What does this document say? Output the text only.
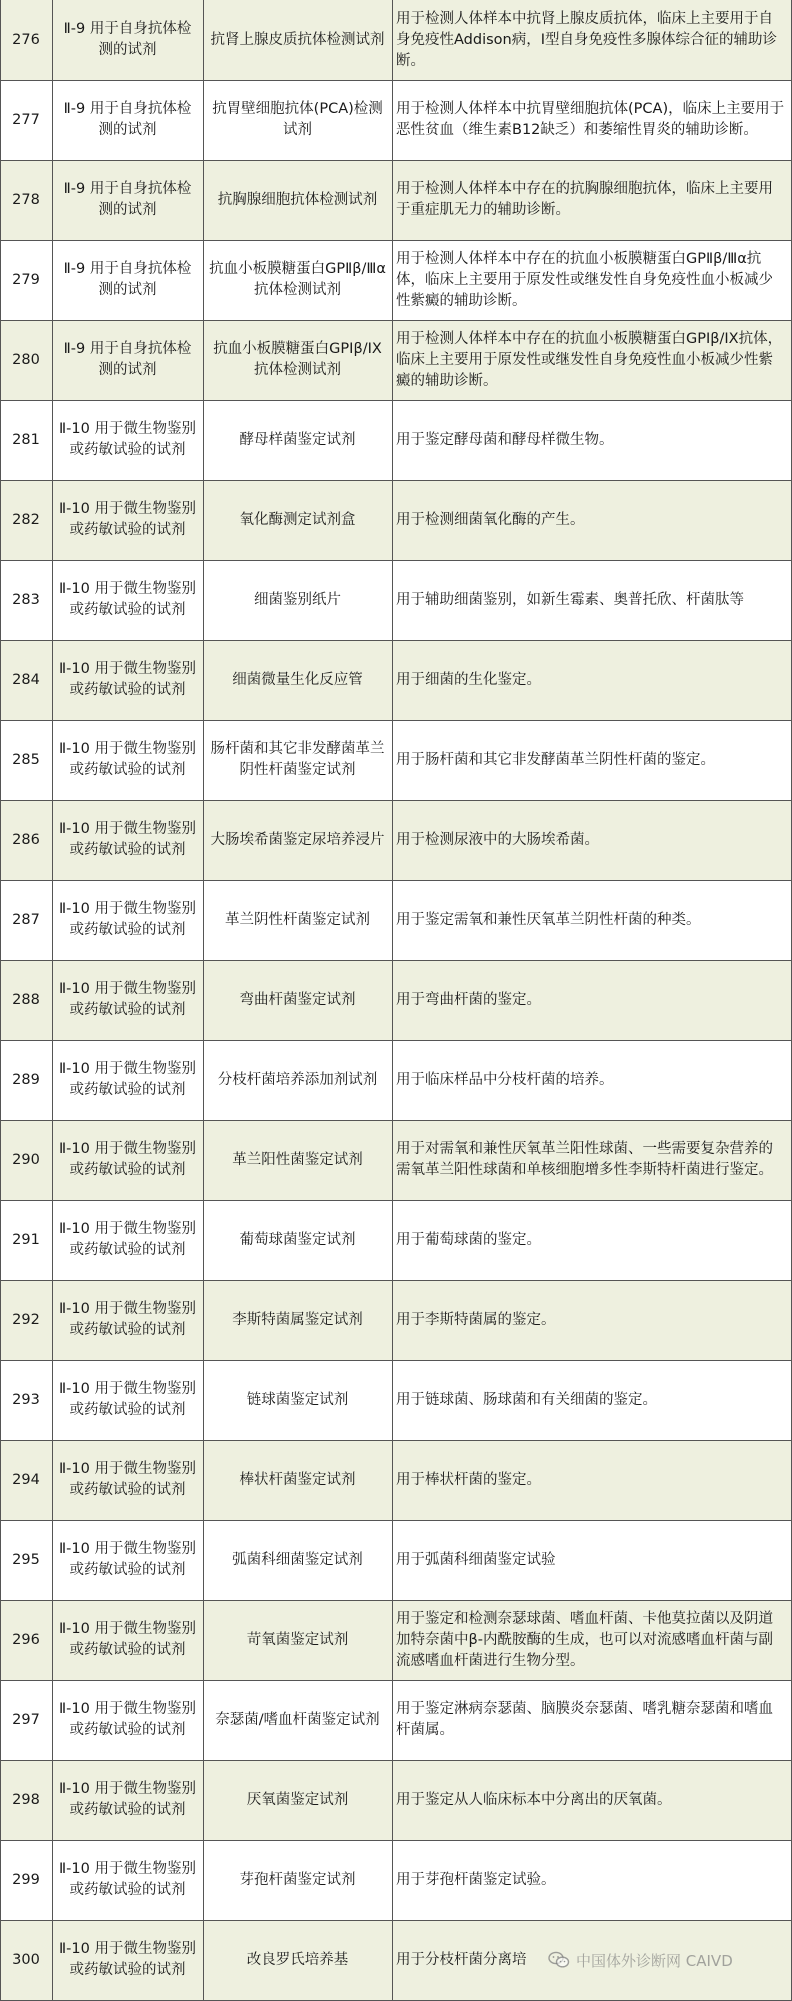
276
Ⅱ-9 用于自身抗体检测的试剂
抗肾上腺皮质抗体检测试剂
用于检测人体样本中抗肾上腺皮质抗体，临床上主要用于自身免疫性Addison病，Ⅰ型自身免疫性多腺体综合征的辅助诊断。
277
Ⅱ-9 用于自身抗体检测的试剂
抗胃壁细胞抗体(PCA)检测试剂
用于检测人体样本中抗胃壁细胞抗体(PCA)，临床上主要用于恶性贫血（维生素B12缺乏）和萎缩性胃炎的辅助诊断。
278
Ⅱ-9 用于自身抗体检测的试剂
抗胸腺细胞抗体检测试剂
用于检测人体样本中存在的抗胸腺细胞抗体，临床上主要用于重症肌无力的辅助诊断。
279
Ⅱ-9 用于自身抗体检测的试剂
抗血小板膜糖蛋白GPⅡβ/Ⅲα抗体检测试剂
用于检测人体样本中存在的抗血小板膜糖蛋白GPⅡβ/Ⅲα抗体，临床上主要用于原发性或继发性自身免疫性血小板减少性紫癜的辅助诊断。
280
Ⅱ-9 用于自身抗体检测的试剂
抗血小板膜糖蛋白GPIβ/IX抗体检测试剂
用于检测人体样本中存在的抗血小板膜糖蛋白GPIβ/IX抗体，临床上主要用于原发性或继发性自身免疫性血小板减少性紫癜的辅助诊断。
281
Ⅱ-10 用于微生物鉴别或药敏试验的试剂
酵母样菌鉴定试剂	用于鉴定酵母菌和酵母样微生物。
282
Ⅱ-10 用于微生物鉴别或药敏试验的试剂
氧化酶测定试剂盒	用于检测细菌氧化酶的产生。
283
Ⅱ-10 用于微生物鉴别或药敏试验的试剂
细菌鉴别纸片	用于辅助细菌鉴别，如新生霉素、奥普托欣、杆菌肽等
284
Ⅱ-10 用于微生物鉴别或药敏试验的试剂
细菌微量生化反应管 用于细菌的生化鉴定。
285
Ⅱ-10 用于微生物鉴别或药敏试验的试剂
肠杆菌和其它非发酵菌革兰阴性杆菌鉴定试剂
用于肠杆菌和其它非发酵菌革兰阴性杆菌的鉴定。
286
Ⅱ-10 用于微生物鉴别或药敏试验的试剂
大肠埃希菌鉴定尿培养浸片 用于检测尿液中的大肠埃希菌。
287
Ⅱ-10 用于微生物鉴别或药敏试验的试剂
革兰阴性杆菌鉴定试剂 用于鉴定需氧和兼性厌氧革兰阴性杆菌的种类。
288
Ⅱ-10 用于微生物鉴别或药敏试验的试剂
弯曲杆菌鉴定试剂	用于弯曲杆菌的鉴定。
289
Ⅱ-10 用于微生物鉴别或药敏试验的试剂
分枝杆菌培养添加剂试剂 用于临床样品中分枝杆菌的培养。
290
Ⅱ-10 用于微生物鉴别或药敏试验的试剂
革兰阳性菌鉴定试剂
用于对需氧和兼性厌氧革兰阳性球菌、一些需要复杂营养的需氧革兰阳性球菌和单核细胞增多性李斯特杆菌进行鉴定。
291
Ⅱ-10 用于微生物鉴别或药敏试验的试剂
葡萄球菌鉴定试剂	用于葡萄球菌的鉴定。
292
Ⅱ-10 用于微生物鉴别或药敏试验的试剂
李斯特菌属鉴定试剂 用于李斯特菌属的鉴定。
293
Ⅱ-10 用于微生物鉴别或药敏试验的试剂
链球菌鉴定试剂	用于链球菌、肠球菌和有关细菌的鉴定。
294
Ⅱ-10 用于微生物鉴别或药敏试验的试剂
棒状杆菌鉴定试剂	用于棒状杆菌的鉴定。
295
Ⅱ-10 用于微生物鉴别或药敏试验的试剂
弧菌科细菌鉴定试剂 用于弧菌科细菌鉴定试验
296
Ⅱ-10 用于微生物鉴别或药敏试验的试剂
苛氧菌鉴定试剂
用于鉴定和检测奈瑟球菌、嗜血杆菌、卡他莫拉菌以及阴道加特奈菌中β-内酰胺酶的生成，也可以对流感嗜血杆菌与副流感嗜血杆菌进行生物分型。
297
Ⅱ-10 用于微生物鉴别或药敏试验的试剂
奈瑟菌/嗜血杆菌鉴定试剂
用于鉴定淋病奈瑟菌、脑膜炎奈瑟菌、嗜乳糖奈瑟菌和嗜血杆菌属。
298
Ⅱ-10 用于微生物鉴别或药敏试验的试剂
厌氧菌鉴定试剂	用于鉴定从人临床标本中分离出的厌氧菌。
299
Ⅱ-10 用于微生物鉴别或药敏试验的试剂
芽孢杆菌鉴定试剂	用于芽孢杆菌鉴定试验。
300
Ⅱ-10 用于微生物鉴别或药敏试验的试剂
改良罗氏培养基	用于分枝杆菌分离培	中国体外诊断网 CAIVD
